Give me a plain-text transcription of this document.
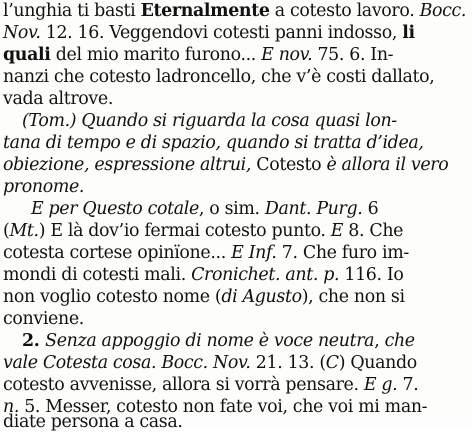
l’unghia ti basti Eternalmente a cotesto lavoro. Bocc.
Nov. 12. 16. Veggendovi cotesti panni indosso, li
quali del mio marito furono... E nov. 75. 6. In-
nanzi che cotesto ladroncello, che v’è costi dallato,
vada altrove.
(Tom.) Quando si riguarda la cosa quasi lon-
tana di tempo e di spazio, quando si tratta d’idea,
obiezione, espressione altrui, Cotesto è allora il vero
pronome.
E per Questo cotale, o sim. Dant. Purg. 6
(Mt.) E là dov’io fermai cotesto punto. E 8. Che
cotesta cortese opinïone... E Inf. 7. Che furo im-
mondi di cotesti mali. Cronichet. ant. p. 116. Io
non voglio cotesto nome (di Agusto), che non si
conviene.
2. Senza appoggio di nome è voce neutra, che
vale Cotesta cosa. Bocc. Nov. 21. 13. (C) Quando
cotesto avvenisse, allora si vorrà pensare. E g. 7.
n. 5. Messer, cotesto non fate voi, che voi mi man-
diate persona a casa.
